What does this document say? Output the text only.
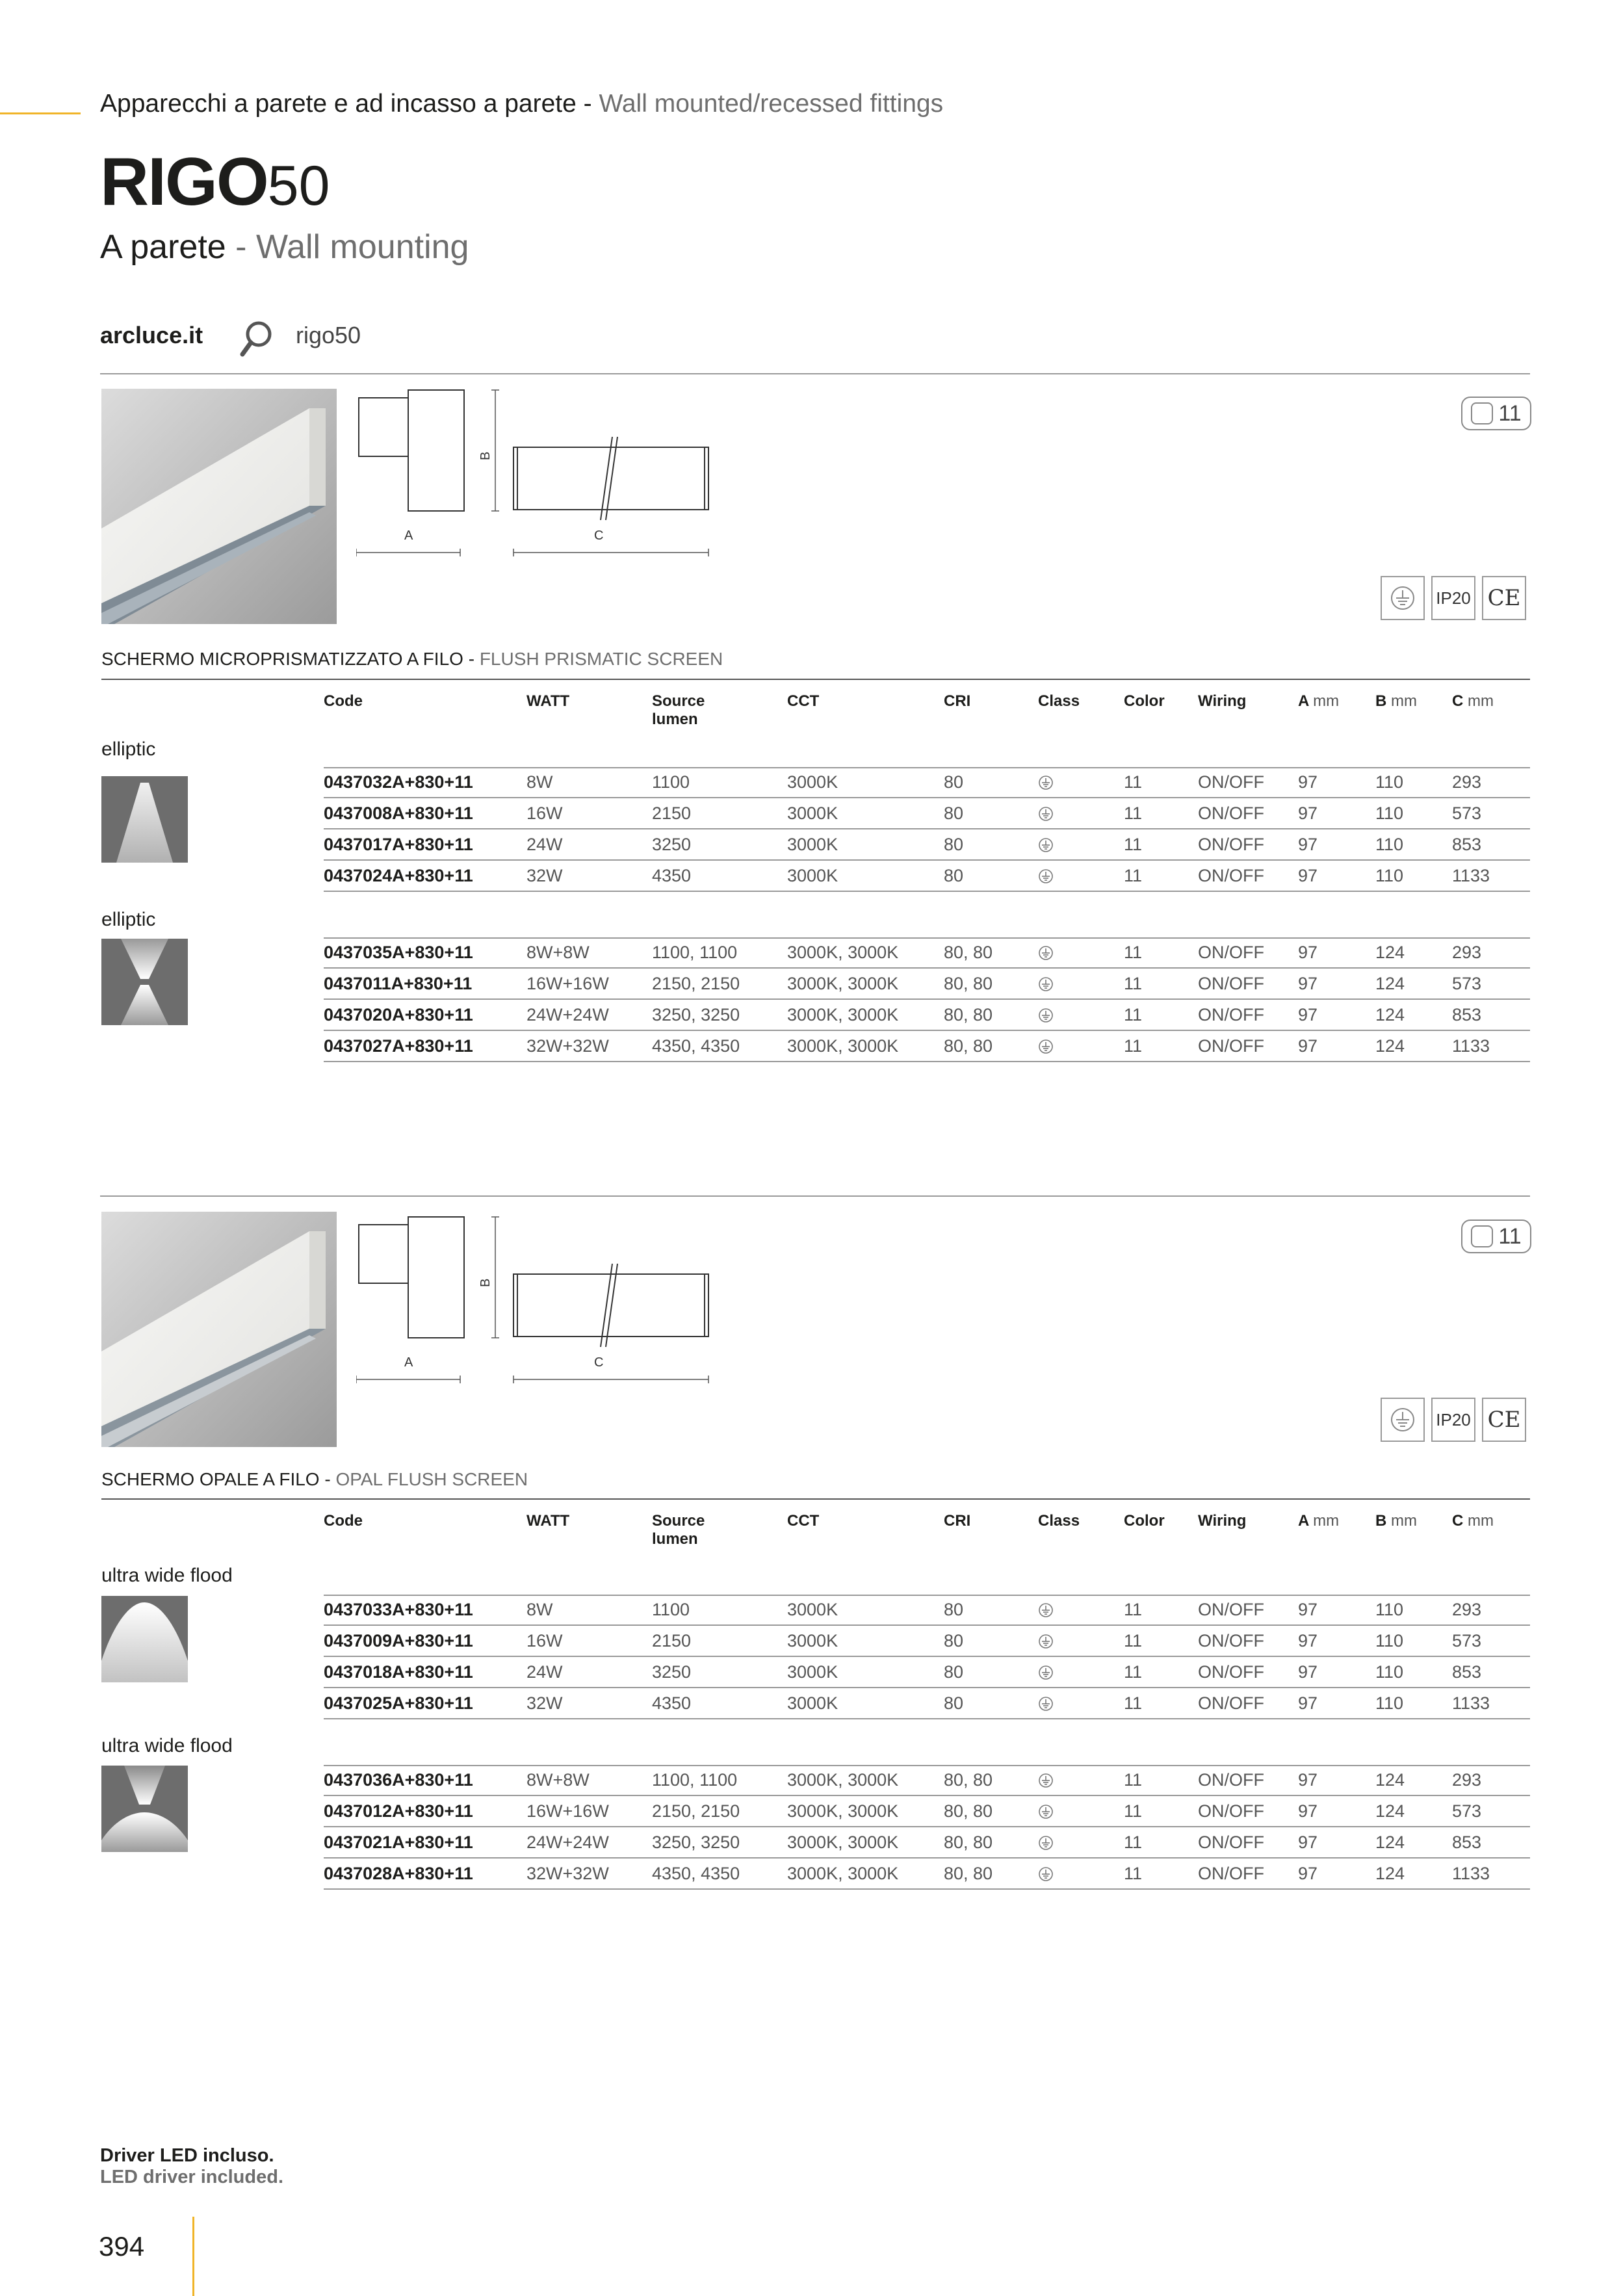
Apparecchi a parete e ad incasso a parete - Wall mounted/recessed fittings
RIGO50
A parete - Wall mounting
arcluce.it	rigo50
B
A	C
11
IP20 CE
SCHERMO MICROPRISMATIZZATO A FILO - FLUSH PRISMATIC SCREEN
Code	WATT	Source
lumen
CCT	CRI	Class	Color Wiring	A mm B mm C mm
elliptic
0437032A+830+11	8W	1100	3000K	80	11	ON/OFF 97	110	293
0437008A+830+11	16W	2150	3000K	80	11	ON/OFF 97	110	573
0437017A+830+11	24W	3250	3000K	80	11	ON/OFF 97	110	853
0437024A+830+11	32W	4350	3000K	80	11	ON/OFF 97	110	1133
elliptic
0437035A+830+11	8W+8W	1100, 1100	3000K, 3000K	80, 80	11	ON/OFF 97	124	293
0437011A+830+11	16W+16W 2150, 2150	3000K, 3000K	80, 80	11	ON/OFF 97	124	573
0437020A+830+11	24W+24W 3250, 3250	3000K, 3000K	80, 80	11	ON/OFF 97	124	853
0437027A+830+11	32W+32W 4350, 4350	3000K, 3000K	80, 80	11	ON/OFF 97	124	1133
B
A	C
11
IP20 CE
SCHERMO OPALE A FILO - OPAL FLUSH SCREEN
Code	WATT	Source
lumen
CCT	CRI	Class	Color Wiring	A mm B mm C mm
ultra wide flood
0437033A+830+11	8W	1100	3000K	80	11	ON/OFF 97	110	293
0437009A+830+11	16W	2150	3000K	80	11	ON/OFF 97	110	573
0437018A+830+11	24W	3250	3000K	80	11	ON/OFF 97	110	853
0437025A+830+11	32W	4350	3000K	80	11	ON/OFF 97	110	1133
ultra wide flood
0437036A+830+11	8W+8W	1100, 1100	3000K, 3000K	80, 80	11	ON/OFF 97	124	293
0437012A+830+11	16W+16W 2150, 2150	3000K, 3000K	80, 80	11	ON/OFF 97	124	573
0437021A+830+11	24W+24W 3250, 3250	3000K, 3000K	80, 80	11	ON/OFF 97	124	853
0437028A+830+11	32W+32W 4350, 4350	3000K, 3000K	80, 80	11	ON/OFF 97	124	1133
Driver LED incluso.
LED driver included.
394
